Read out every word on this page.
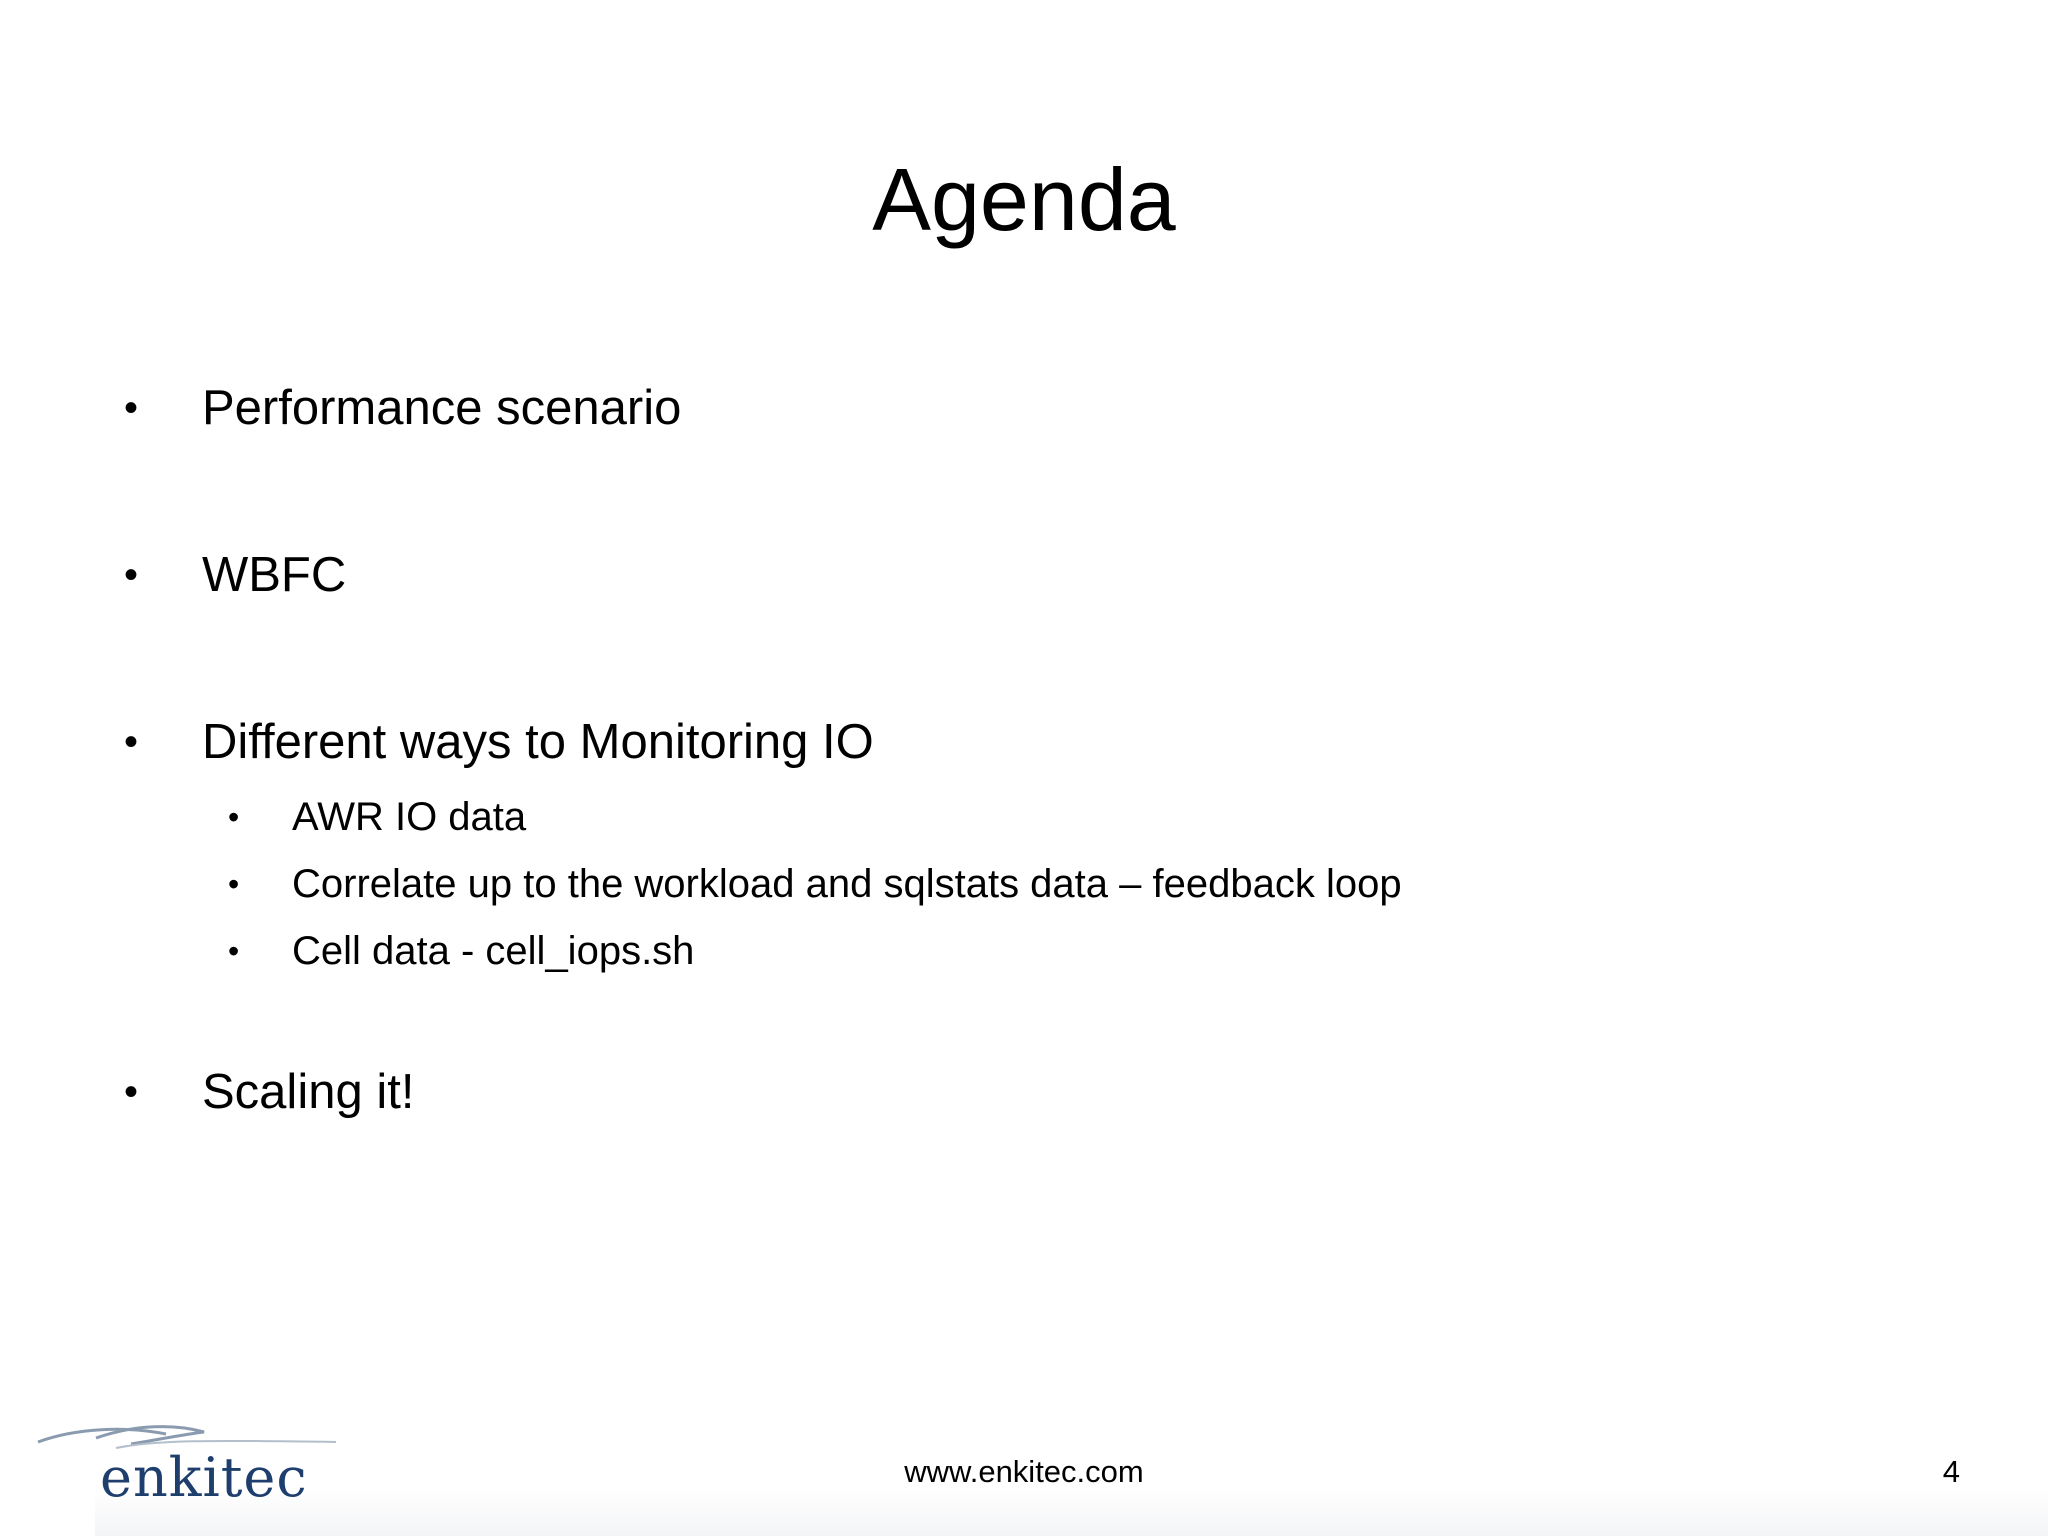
Agenda
• Performance scenario
• WBFC
• Different ways to Monitoring IO
• AWR IO data
• Correlate up to the workload and sqlstats data – feedback loop
• Cell data - cell_iops.sh
• Scaling it!
enkitec	www.enkitec.com	4
